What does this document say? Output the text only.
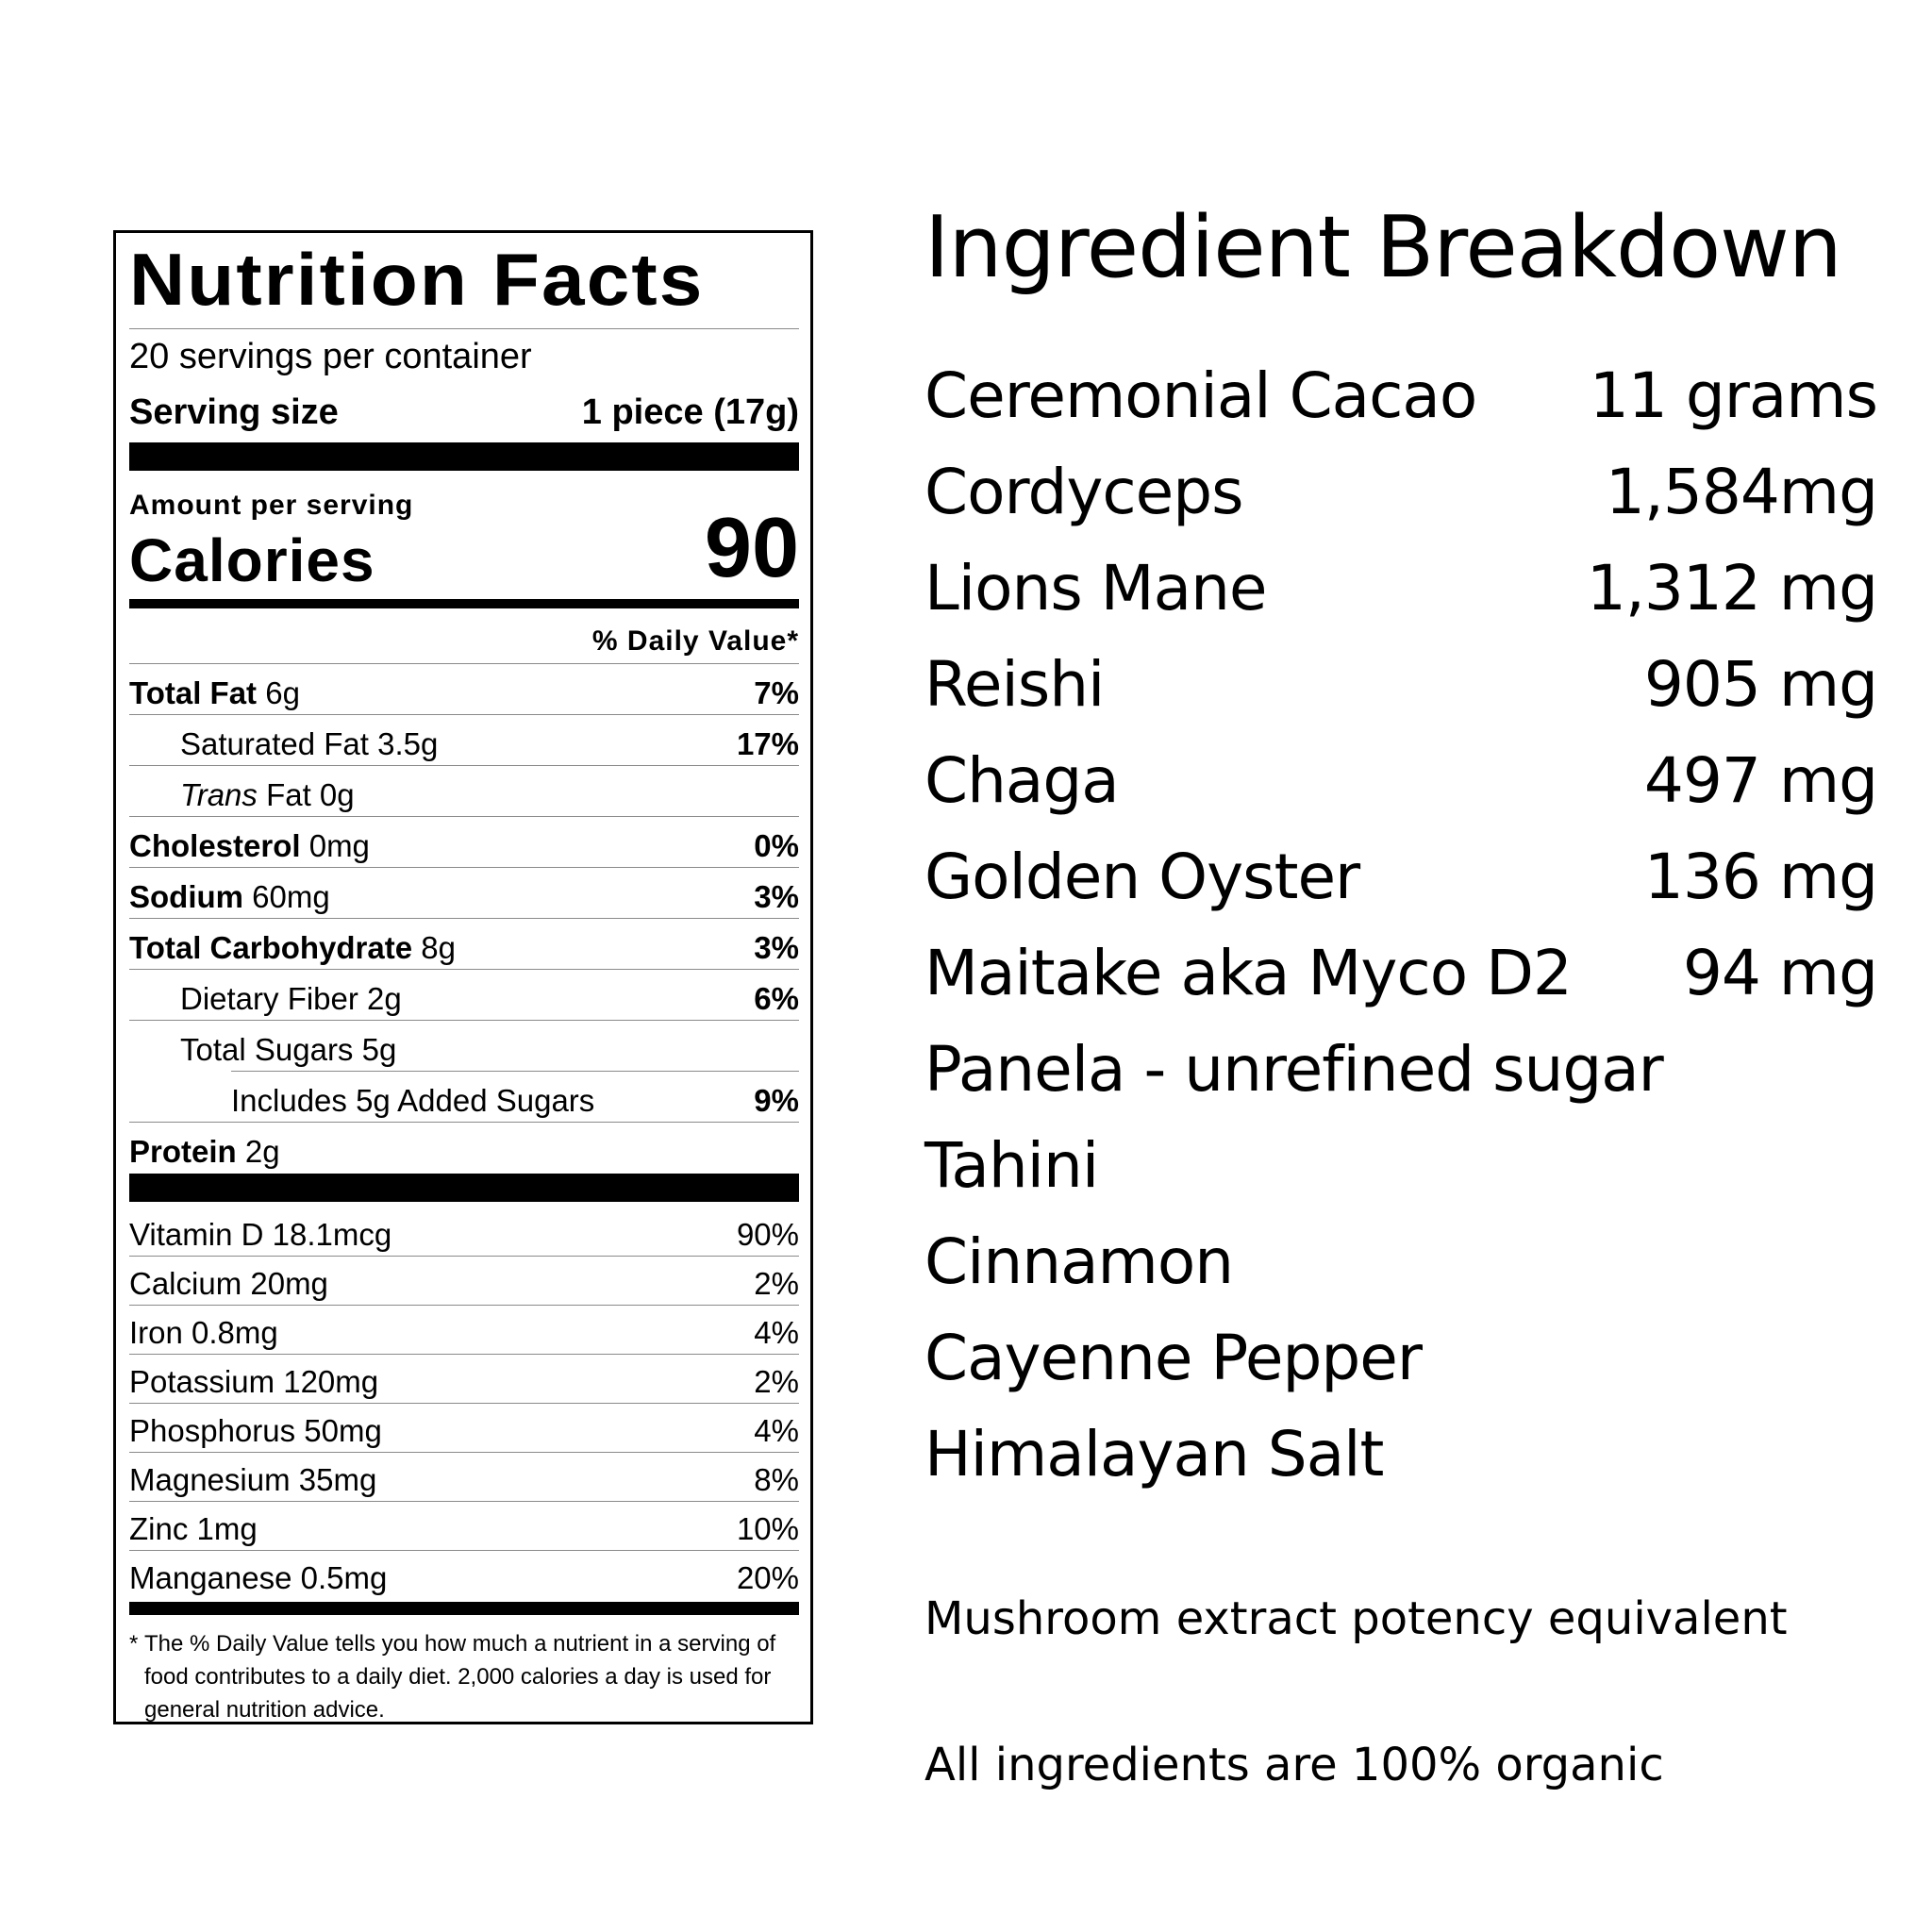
Nutrition Facts
20 servings per container
Serving size	1 piece (17g)
Amount per serving
Calories	90
% Daily Value*
Total Fat 6g	7%
Saturated Fat 3.5g	17%
Trans Fat 0g
Cholesterol 0mg	0%
Sodium 60mg	3%
Total Carbohydrate 8g	3%
Dietary Fiber 2g	6%
Total Sugars 5g
Includes 5g Added Sugars	9%
Protein 2g
Vitamin D 18.1mcg	90%
Calcium 20mg	2%
Iron 0.8mg	4%
Potassium 120mg	2%
Phosphorus 50mg	4%
Magnesium 35mg	8%
Zinc 1mg	10%
Manganese 0.5mg	20%
* The % Daily Value tells you how much a nutrient in a serving of food contributes to a daily diet. 2,000 calories a day is used for general nutrition advice.
Ingredient Breakdown
Ceremonial Cacao 11 grams
Cordyceps	1,584mg
Lions Mane	1,312 mg
Reishi	905 mg
Chaga	497 mg
Golden Oyster	136 mg
Maitake aka Myco D2 94 mg
Panela - unrefined sugar
Tahini
Cinnamon
Cayenne Pepper
Himalayan Salt
Mushroom extract potency equivalent
All ingredients are 100% organic
